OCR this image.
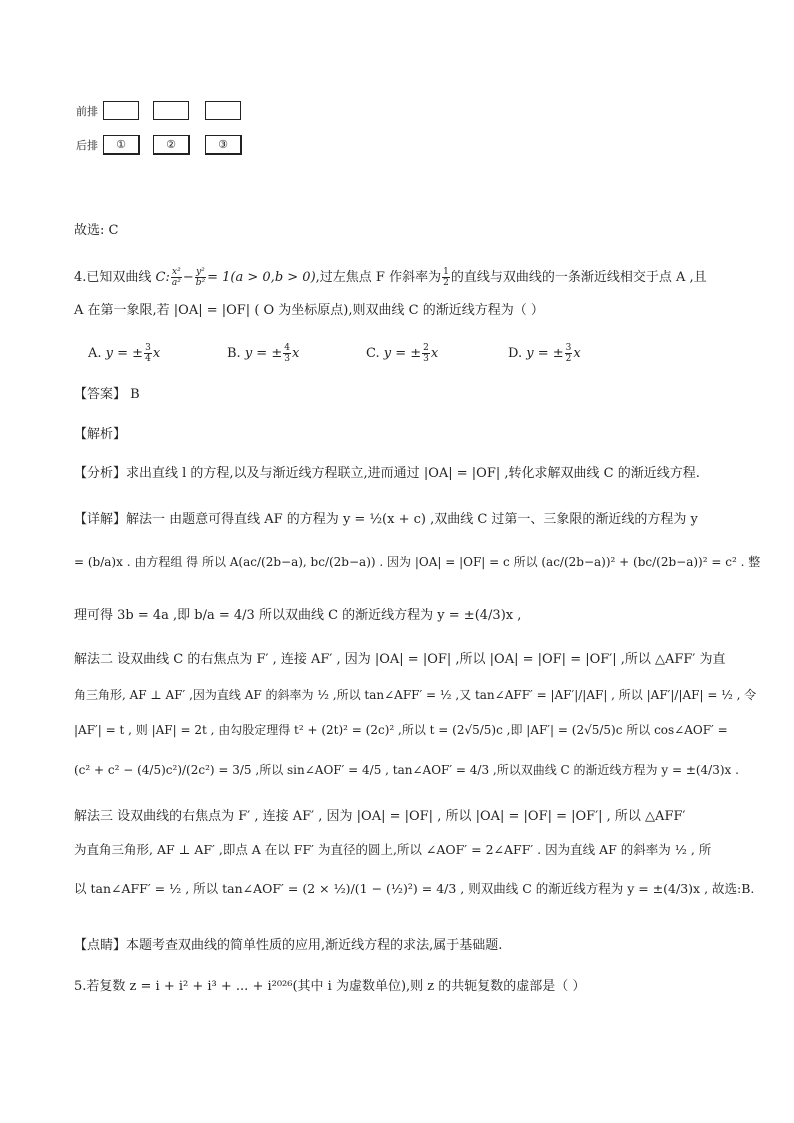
前排
后排	①	②	③
故选: C
4.已知双曲线 C: $\frac{\text{x²}}{\text{a²}} - \frac{\text{y²}}{\text{b²}} = 1(a > 0,b > 0)$,过左焦点 F 作斜率为 $\frac{1}{2}$ 的直线与双曲线的一条渐近线相交于点 A ,且
A 在第一象限,若 |OA| = |OF| ( O 为坐标原点),则双曲线 C 的渐近线方程为（ ）
A. y = ± $\frac{3}{4}$ x	B. y = ± $\frac{4}{3}$ x	C. y = ± $\frac{2}{3}$ x	D. y = ± $\frac{3}{2}$ x
【答案】 B
【解析】
【分析】求出直线 l 的方程,以及与渐近线方程联立,进而通过 |OA| = |OF| ,转化求解双曲线 C 的渐近线方程.
【详解】解法一 由题意可得直线 AF 的方程为 y = ½(x + c) ,双曲线 C 过第一、三象限的渐近线的方程为 y
= (b/a)x . 由方程组 得 所以 A(ac/(2b−a), bc/(2b−a)) . 因为 |OA| = |OF| = c 所以 (ac/(2b−a))² + (bc/(2b−a))² = c² . 整
理可得 3b = 4a ,即 b/a = 4/3 所以双曲线 C 的渐近线方程为 y = ±(4/3)x ,
解法二 设双曲线 C 的右焦点为 F′ , 连接 AF′ , 因为 |OA| = |OF| ,所以 |OA| = |OF| = |OF′| ,所以 △AFF′ 为直
角三角形, AF ⊥ AF′ ,因为直线 AF 的斜率为 ½ ,所以 tan∠AFF′ = ½ ,又 tan∠AFF′ = |AF′|/|AF| , 所以 |AF′|/|AF| = ½ , 令
|AF′| = t , 则 |AF| = 2t , 由勾股定理得 t² + (2t)² = (2c)² ,所以 t = (2√5/5)c ,即 |AF′| = (2√5/5)c 所以 cos∠AOF′ =
(c² + c² − (4/5)c²)/(2c²) = 3/5 ,所以 sin∠AOF′ = 4/5 , tan∠AOF′ = 4/3 ,所以双曲线 C 的渐近线方程为 y = ±(4/3)x .
解法三 设双曲线的右焦点为 F′ , 连接 AF′ , 因为 |OA| = |OF| , 所以 |OA| = |OF| = |OF′| , 所以 △AFF′
为直角三角形, AF ⊥ AF′ ,即点 A 在以 FF′ 为直径的圆上,所以 ∠AOF′ = 2∠AFF′ . 因为直线 AF 的斜率为 ½ , 所
以 tan∠AFF′ = ½ , 所以 tan∠AOF′ = (2 × ½)/(1 − (½)²) = 4/3 , 则双曲线 C 的渐近线方程为 y = ±(4/3)x , 故选:B.
【点睛】本题考查双曲线的简单性质的应用,渐近线方程的求法,属于基础题.
5.若复数 z = i + i² + i³ + ... + i²⁰²⁶(其中 i 为虚数单位),则 z 的共轭复数的虚部是（ ）
